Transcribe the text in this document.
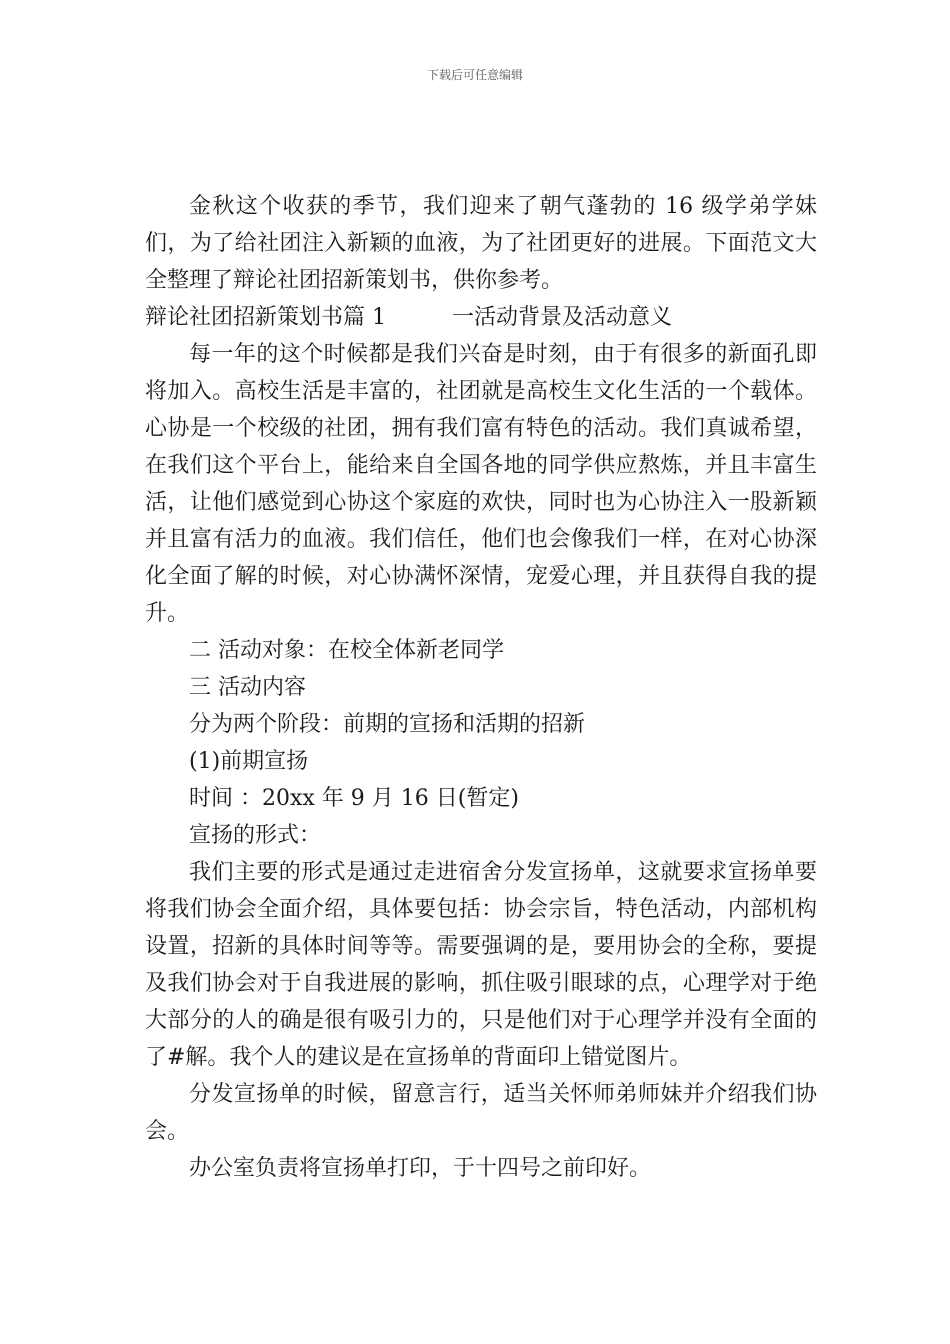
下载后可任意编辑

金秋这个收获的季节，我们迎来了朝气蓬勃的 16 级学弟学妹们，为了给社团注入新颖的血液，为了社团更好的进展。下面范文大全整理了辩论社团招新策划书，供你参考。

辩论社团招新策划书篇 1　　　一活动背景及活动意义

每一年的这个时候都是我们兴奋是时刻，由于有很多的新面孔即将加入。高校生活是丰富的，社团就是高校生文化生活的一个载体。心协是一个校级的社团，拥有我们富有特色的活动。我们真诚希望，在我们这个平台上，能给来自全国各地的同学供应熬炼，并且丰富生活，让他们感觉到心协这个家庭的欢快，同时也为心协注入一股新颖并且富有活力的血液。我们信任，他们也会像我们一样，在对心协深化全面了解的时候，对心协满怀深情，宠爱心理，并且获得自我的提升。

二 活动对象：在校全体新老同学

三 活动内容

分为两个阶段：前期的宣扬和活期的招新

(1)前期宣扬

时间 ：20xx 年 9 月 16 日(暂定)

宣扬的形式：

我们主要的形式是通过走进宿舍分发宣扬单，这就要求宣扬单要将我们协会全面介绍，具体要包括：协会宗旨，特色活动，内部机构设置，招新的具体时间等等。需要强调的是，要用协会的全称，要提及我们协会对于自我进展的影响，抓住吸引眼球的点，心理学对于绝大部分的人的确是很有吸引力的，只是他们对于心理学并没有全面的了#解。我个人的建议是在宣扬单的背面印上错觉图片。

分发宣扬单的时候，留意言行，适当关怀师弟师妹并介绍我们协会。

办公室负责将宣扬单打印，于十四号之前印好。
